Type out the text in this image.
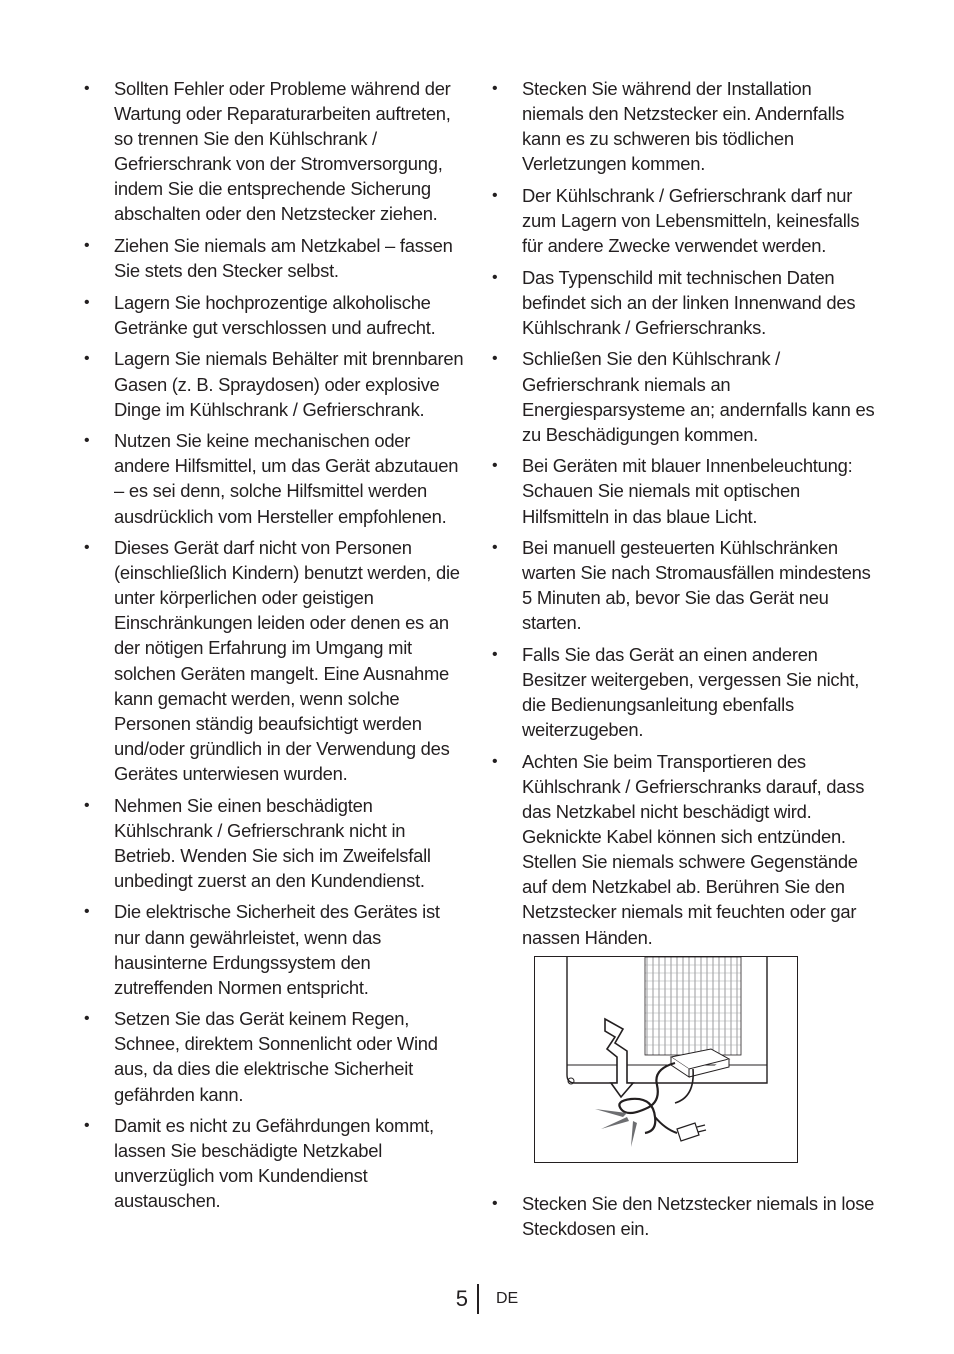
• Sollten Fehler oder Probleme während der Wartung oder Reparaturarbeiten auftreten, so trennen Sie den Kühlschrank / Gefrierschrank von der Stromversorgung, indem Sie die entsprechende Sicherung abschalten oder den Netzstecker ziehen.
• Ziehen Sie niemals am Netzkabel – fassen Sie stets den Stecker selbst.
• Lagern Sie hochprozentige alkoholische Getränke gut verschlossen und aufrecht.
• Lagern Sie niemals Behälter mit brennbaren Gasen (z. B. Spraydosen) oder explosive Dinge im Kühlschrank / Gefrierschrank.
• Nutzen Sie keine mechanischen oder andere Hilfsmittel, um das Gerät abzutauen – es sei denn, solche Hilfsmittel werden ausdrücklich vom Hersteller empfohlenen.
• Dieses Gerät darf nicht von Personen (einschließlich Kindern) benutzt werden, die unter körperlichen oder geistigen Einschränkungen leiden oder denen es an der nötigen Erfahrung im Umgang mit solchen Geräten mangelt. Eine Ausnahme kann gemacht werden, wenn solche Personen ständig beaufsichtigt werden und/oder gründlich in der Verwendung des Gerätes unterwiesen wurden.
• Nehmen Sie einen beschädigten Kühlschrank / Gefrierschrank nicht in Betrieb. Wenden Sie sich im Zweifelsfall unbedingt zuerst an den Kundendienst.
• Die elektrische Sicherheit des Gerätes ist nur dann gewährleistet, wenn das hausinterne Erdungssystem den zutreffenden Normen entspricht.
• Setzen Sie das Gerät keinem Regen, Schnee, direktem Sonnenlicht oder Wind aus, da dies die elektrische Sicherheit gefährden kann.
• Damit es nicht zu Gefährdungen kommt, lassen Sie beschädigte Netzkabel unverzüglich vom Kundendienst austauschen.
• Stecken Sie während der Installation niemals den Netzstecker ein. Andernfalls kann es zu schweren bis tödlichen Verletzungen kommen.
• Der Kühlschrank / Gefrierschrank darf nur zum Lagern von Lebensmitteln, keinesfalls für andere Zwecke verwendet werden.
• Das Typenschild mit technischen Daten befindet sich an der linken Innenwand des Kühlschrank / Gefrierschranks.
• Schließen Sie den Kühlschrank / Gefrierschrank niemals an Energiesparsysteme an; andernfalls kann es zu Beschädigungen kommen.
• Bei Geräten mit blauer Innenbeleuchtung: Schauen Sie niemals mit optischen Hilfsmitteln in das blaue Licht.
• Bei manuell gesteuerten Kühlschränken warten Sie nach Stromausfällen mindestens 5 Minuten ab, bevor Sie das Gerät neu starten.
• Falls Sie das Gerät an einen anderen Besitzer weitergeben, vergessen Sie nicht, die Bedienungsanleitung ebenfalls weiterzugeben.
• Achten Sie beim Transportieren des Kühlschrank / Gefrierschranks darauf, dass das Netzkabel nicht beschädigt wird. Geknickte Kabel können sich entzünden. Stellen Sie niemals schwere Gegenstände auf dem Netzkabel ab. Berühren Sie den Netzstecker niemals mit feuchten oder gar nassen Händen.
• Stecken Sie den Netzstecker niemals in lose Steckdosen ein.
5 DE
